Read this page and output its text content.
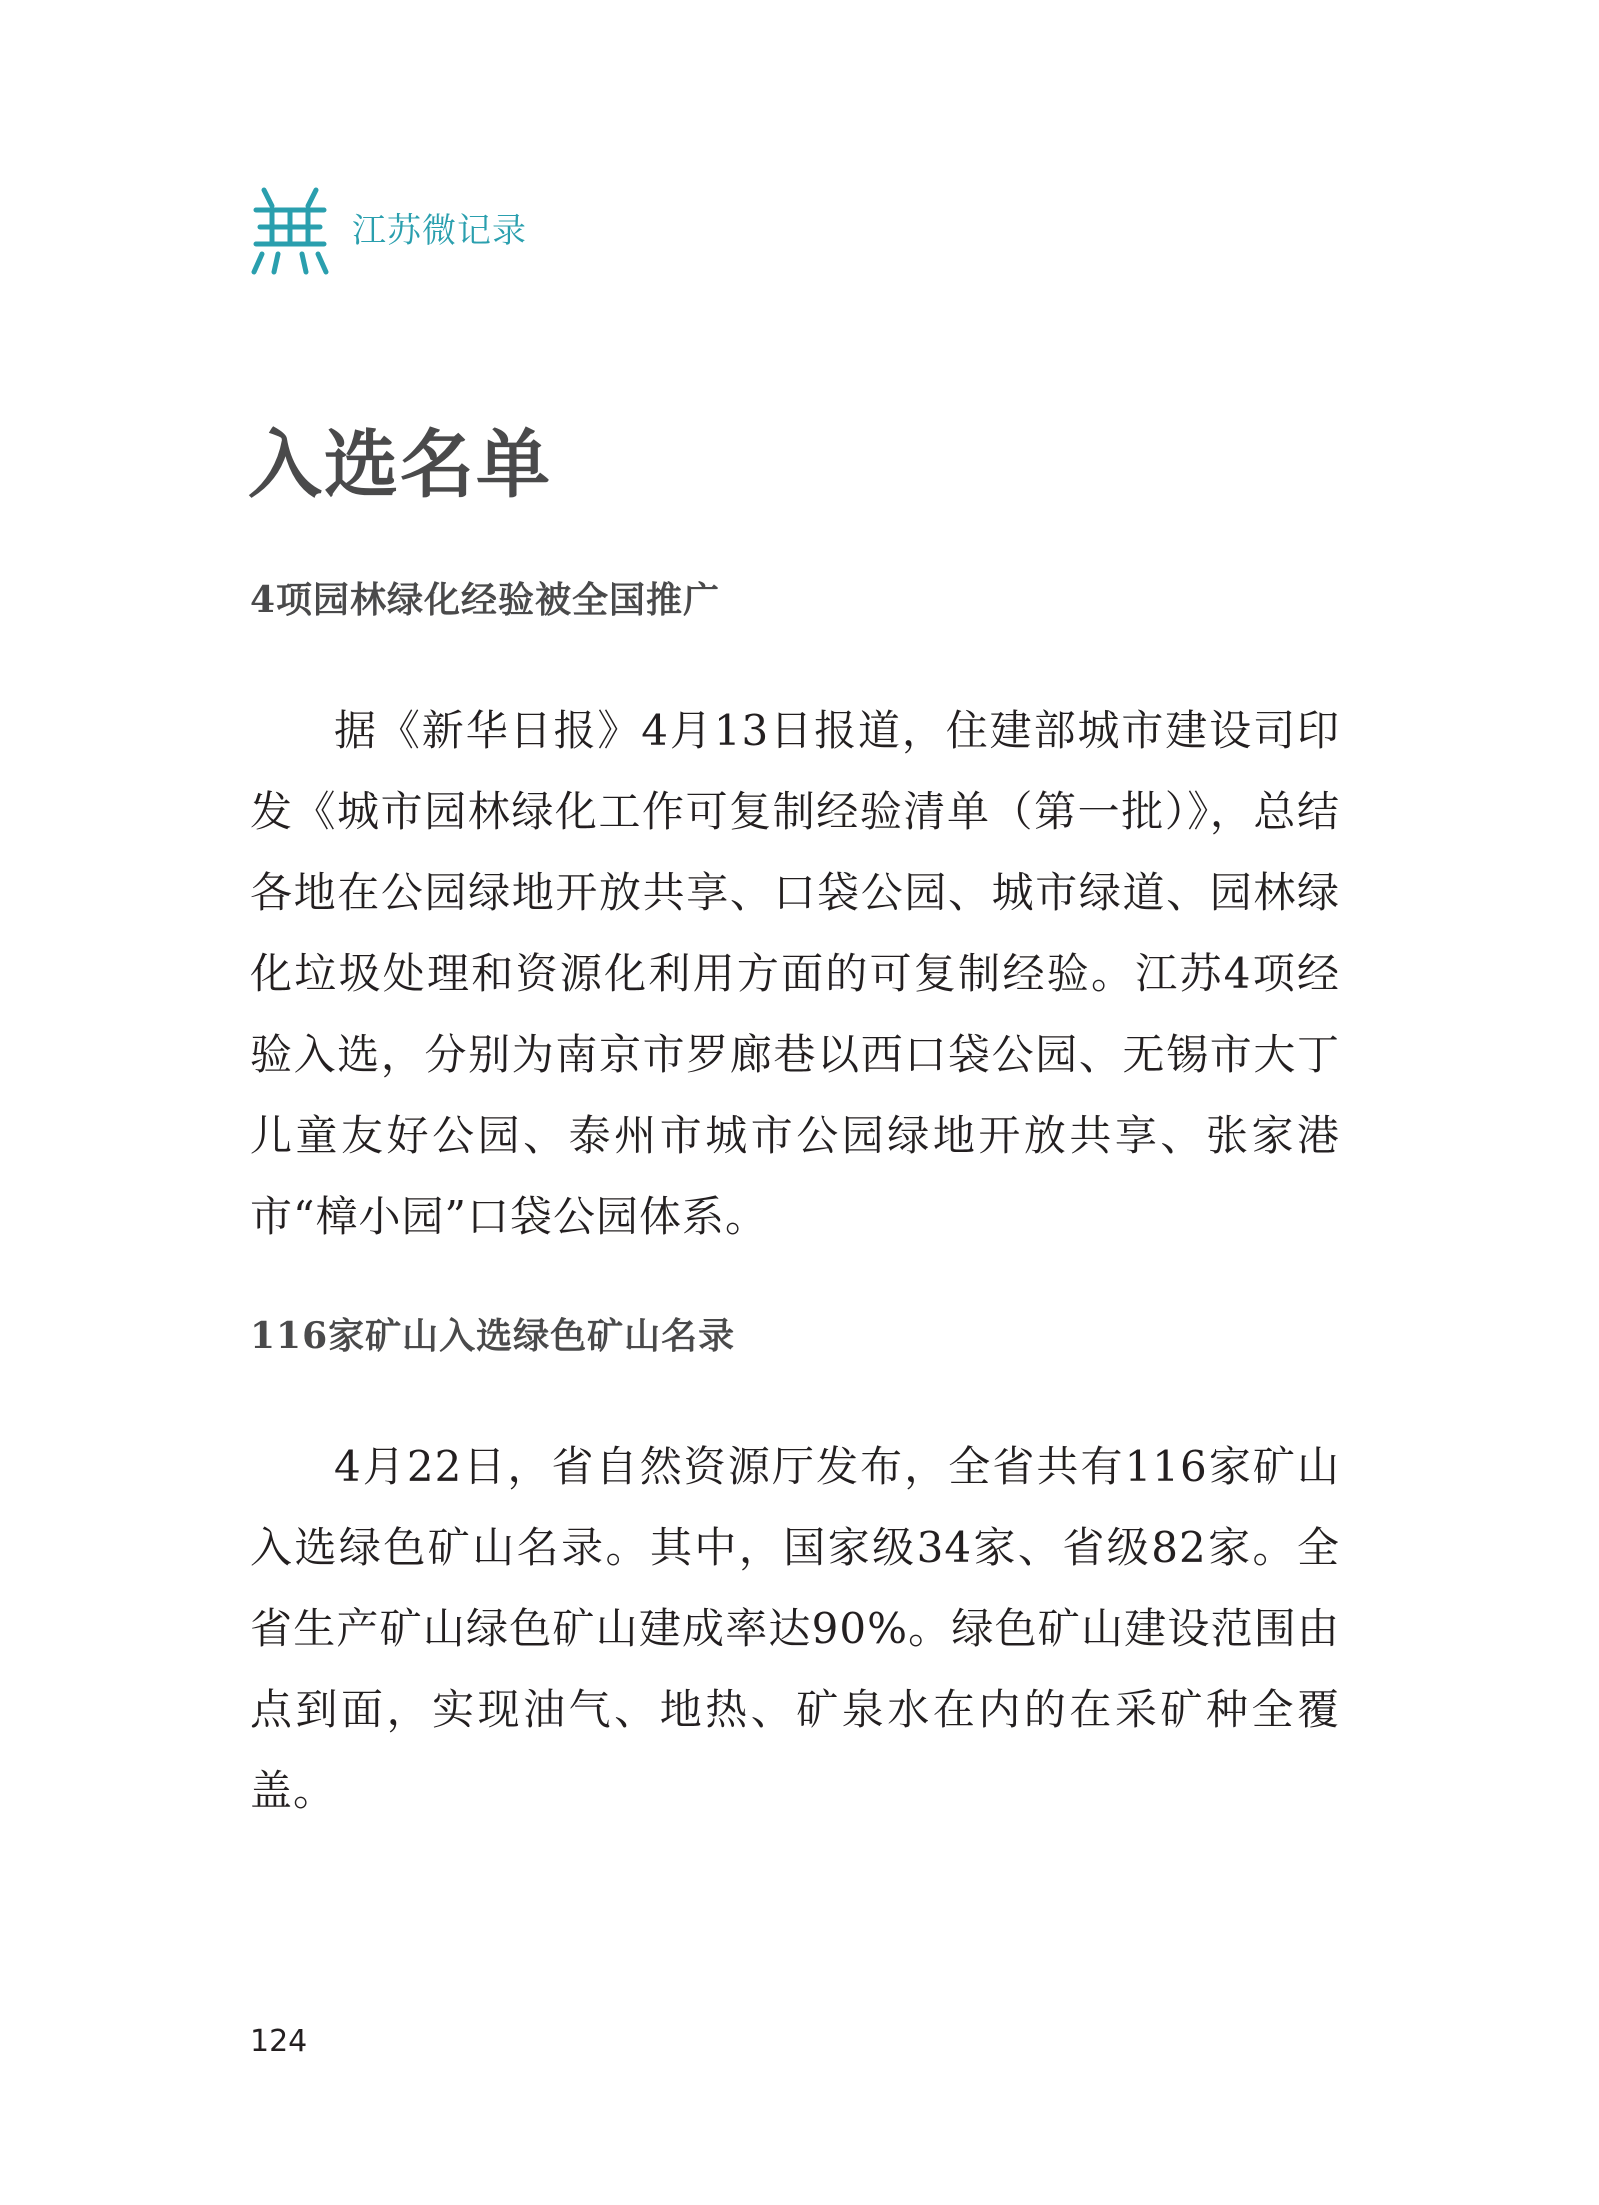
江苏微记录
入选名单
4项园林绿化经验被全国推广

据《新华日报》4月13日报道，住建部城市建设司印发《城市园林绿化工作可复制经验清单（第一批）》，总结各地在公园绿地开放共享、口袋公园、城市绿道、园林绿化垃圾处理和资源化利用方面的可复制经验。江苏4项经验入选，分别为南京市罗廊巷以西口袋公园、无锡市大丁儿童友好公园、泰州市城市公园绿地开放共享、张家港市“樟小园”口袋公园体系。

116家矿山入选绿色矿山名录

4月22日，省自然资源厅发布，全省共有116家矿山入选绿色矿山名录。其中，国家级34家、省级82家。全省生产矿山绿色矿山建成率达90%。绿色矿山建设范围由点到面，实现油气、地热、矿泉水在内的在采矿种全覆盖。

124
